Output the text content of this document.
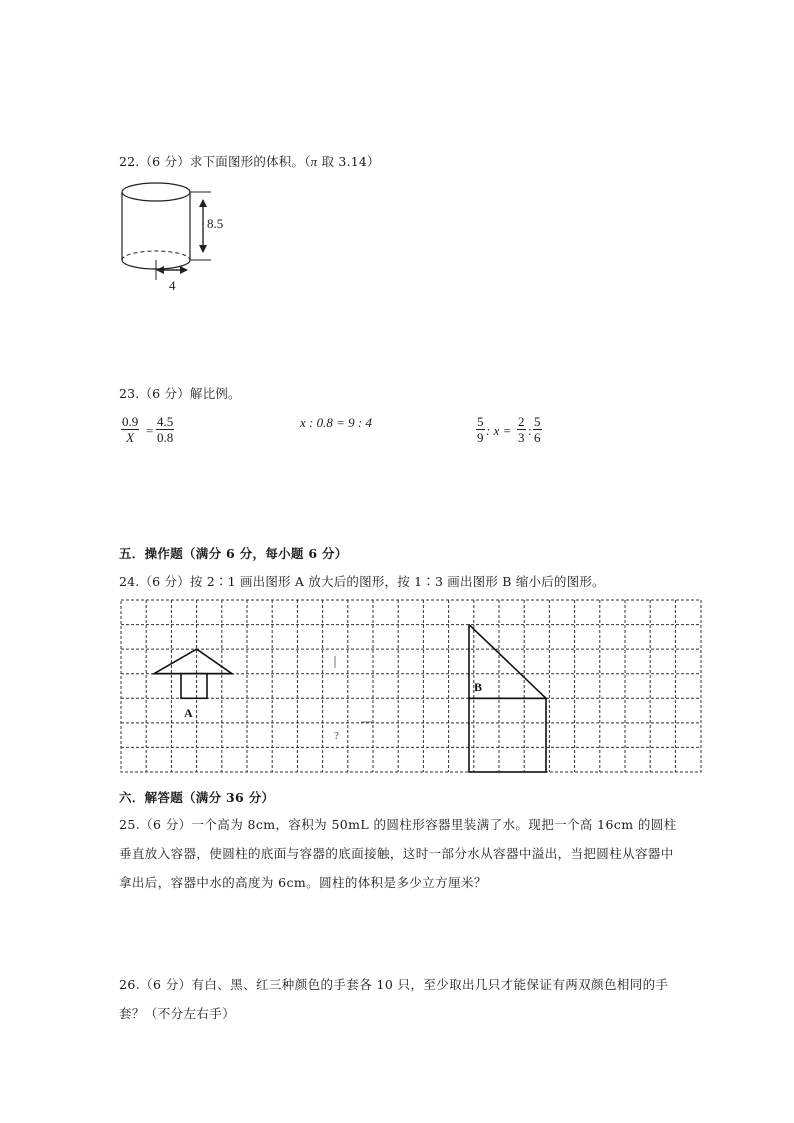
22.（6 分）求下面图形的体积。（π 取 3.14）
8.5
4
23.（6 分）解比例。
$\frac{0.9}{X} = \frac{4.5}{0.8}$	x : 0.8 = 9 : 4	$\frac{5}{9}$ : $x = \frac{2}{3}$ : $\frac{5}{6}$
五．操作题（满分 6 分，每小题 6 分）
24.（6 分）按 2∶1 画出图形 A 放大后的图形，按 1∶3 画出图形 B 缩小后的图形。
A
B
?
六．解答题（满分 36 分）
25.（6 分）一个高为 8cm，容积为 50mL 的圆柱形容器里装满了水。现把一个高 16cm 的圆柱垂直放入容器，使圆柱的底面与容器的底面接触，这时一部分水从容器中溢出，当把圆柱从容器中拿出后，容器中水的高度为 6cm。圆柱的体积是多少立方厘米？
26.（6 分）有白、黑、红三种颜色的手套各 10 只，至少取出几只才能保证有两双颜色相同的手套？（不分左右手）
